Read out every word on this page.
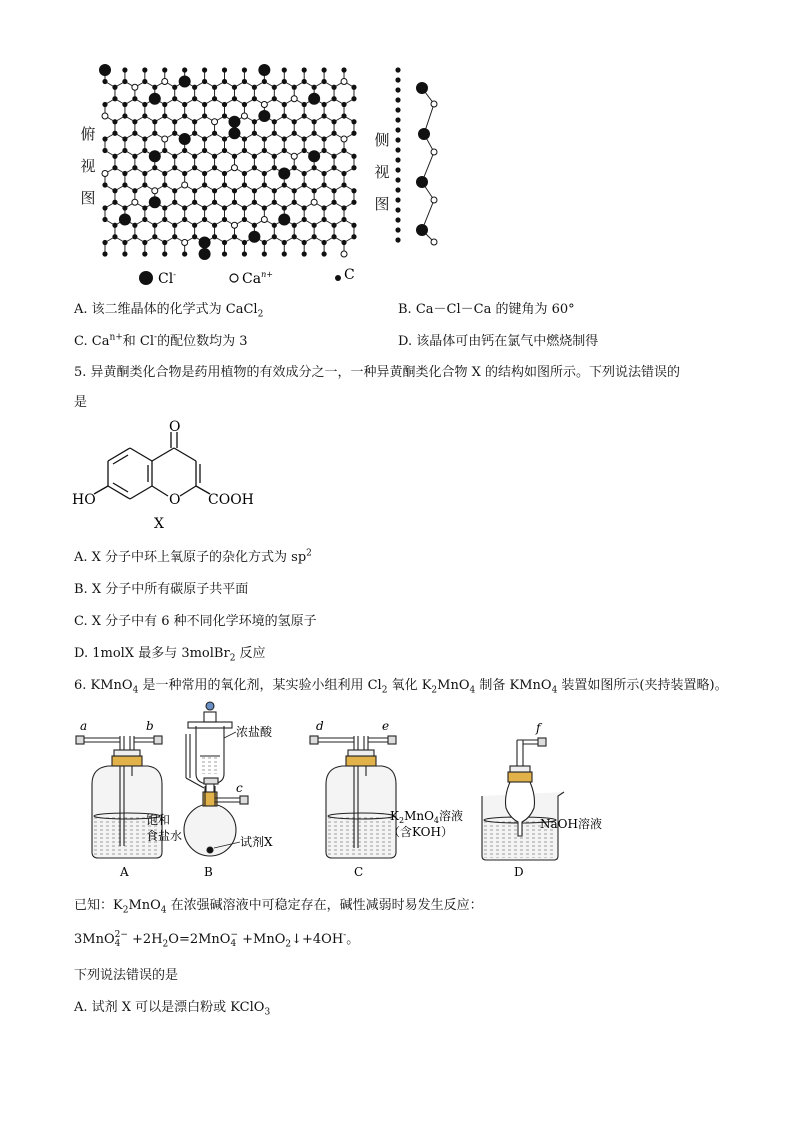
俯
视
图
侧
视
图
Cl-	$Ca^{n+}$	C
A. 该二维晶体的化学式为 CaCl$_2$	B. Ca－Cl－Ca 的键角为 60°
C. $Ca^{n+}$和 Cl-的配位数均为 3	D. 该晶体可由钙在氯气中燃烧制得
5. 异黄酮类化合物是药用植物的有效成分之一，一种异黄酮类化合物 X 的结构如图所示。下列说法错误的
是
O
HO	O COOH
X
A. X 分子中环上氧原子的杂化方式为 $sp^2$
B. X 分子中所有碳原子共平面
C. X 分子中有 6 种不同化学环境的氢原子
D. 1molX 最多与 3molBr$_2$ 反应
6. KMnO$_4$ 是一种常用的氧化剂，某实验小组利用 $Cl_2$ 氧化 $K_2MnO_4$ 制备 KMnO$_4$ 装置如图所示(夹持装置略)。
a	b
c
d	e	f
浓盐酸
饱和
食盐水	试剂X
$K_2MnO_4$溶液
（含KOH）
NaOH溶液
A	B	C	D
已知：$K_2MnO_4$ 在浓强碱溶液中可稳定存在，碱性减弱时易发生反应：
3MnO 2−
$4 +2H_2O=2MnO$ −
4 +MnO$_2$↓+4OH-。
下列说法错误的是
A. 试剂 X 可以是漂白粉或 KClO$_3$
